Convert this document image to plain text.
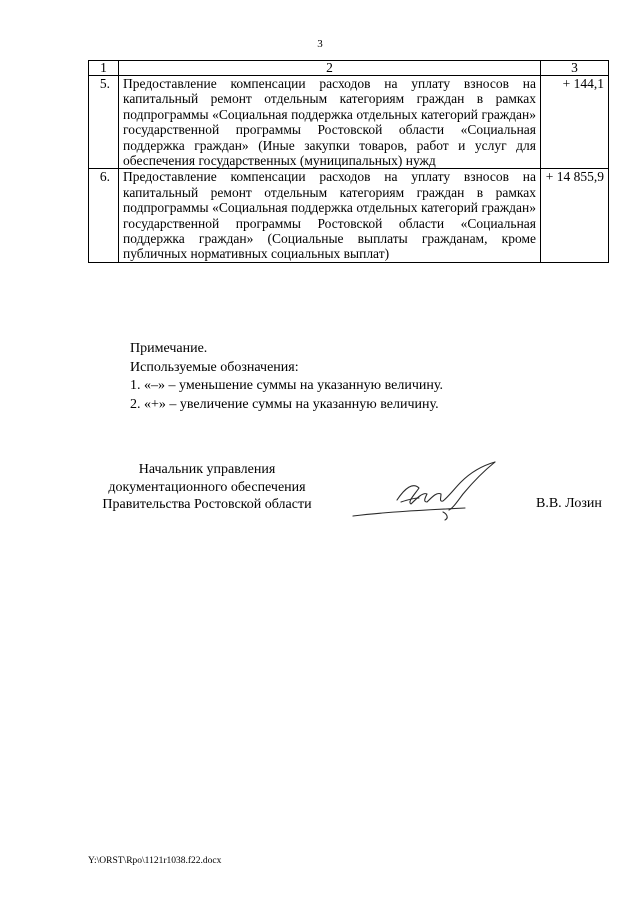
3
1	2	3
5.	Предоставление компенсации расходов на уплату взносов на капитальный ремонт отдельным категориям граждан в рамках подпрограммы «Социальная поддержка отдельных категорий граждан» государственной программы Ростовской области «Социальная поддержка граждан» (Иные закупки товаров, работ и услуг для обеспечения государственных (муниципальных) нужд	+ 144,1
6.	Предоставление компенсации расходов на уплату взносов на капитальный ремонт отдельным категориям граждан в рамках подпрограммы «Социальная поддержка отдельных категорий граждан» государственной программы Ростовской области «Социальная поддержка граждан» (Социальные выплаты гражданам, кроме публичных нормативных социальных выплат)	+ 14 855,9
Примечание.
Используемые обозначения:
1. «–» – уменьшение суммы на указанную величину.
2. «+» – увеличение суммы на указанную величину.
Начальник управления
документационного обеспечения
Правительства Ростовской области	В.В. Лозин
Y:\ORST\Rpo\1121r1038.f22.docx
